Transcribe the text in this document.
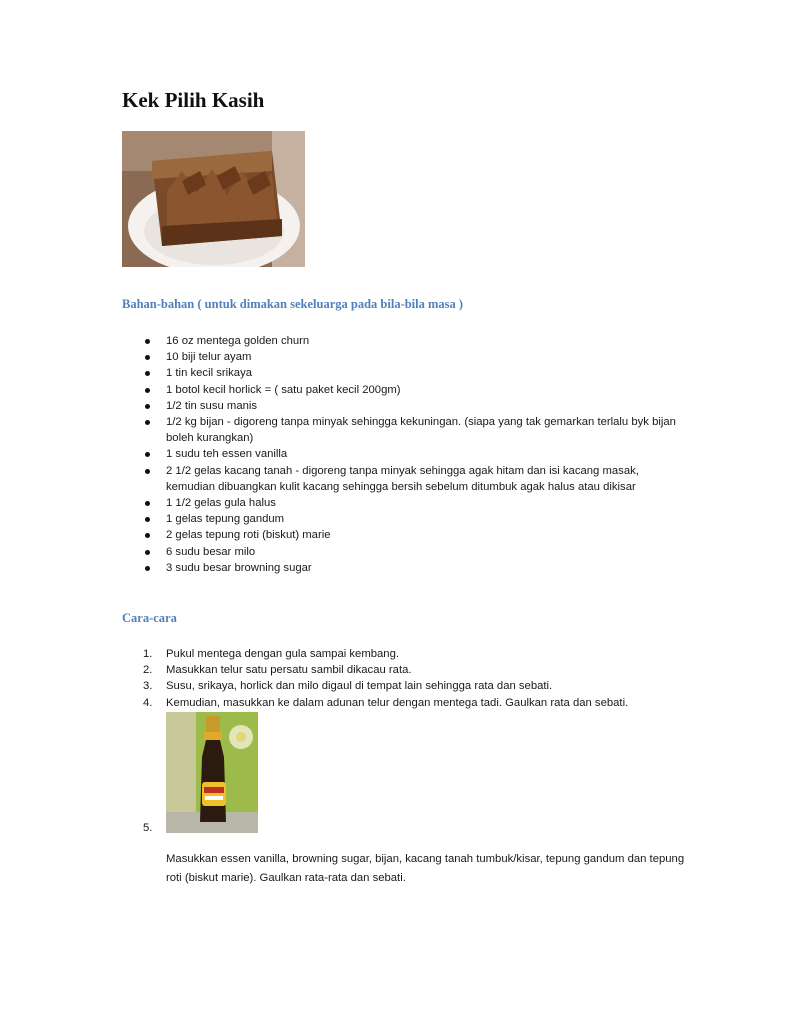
Kek Pilih Kasih
Bahan-bahan ( untuk dimakan sekeluarga pada bila-bila masa )
16 oz mentega golden churn
10 biji telur ayam
1 tin kecil srikaya
1 botol kecil horlick = ( satu paket kecil 200gm)
1/2 tin susu manis
1/2 kg bijan - digoreng tanpa minyak sehingga kekuningan. (siapa yang tak gemarkan terlalu byk bijan boleh kurangkan)
1 sudu teh essen vanilla
2 1/2 gelas kacang tanah - digoreng tanpa minyak sehingga agak hitam dan isi kacang masak, kemudian dibuangkan kulit kacang sehingga bersih sebelum ditumbuk agak halus atau dikisar
1 1/2 gelas gula halus
1 gelas tepung gandum
2 gelas tepung roti (biskut) marie
6 sudu besar milo
3 sudu besar browning sugar
Cara-cara
1. Pukul mentega dengan gula sampai kembang.
2. Masukkan telur satu persatu sambil dikacau rata.
3. Susu, srikaya, horlick dan milo digaul di tempat lain sehingga rata dan sebati.
4. Kemudian, masukkan ke dalam adunan telur dengan mentega tadi. Gaulkan rata dan sebati.
5.

Masukkan essen vanilla, browning sugar, bijan, kacang tanah tumbuk/kisar, tepung gandum dan tepung roti (biskut marie). Gaulkan rata-rata dan sebati.
